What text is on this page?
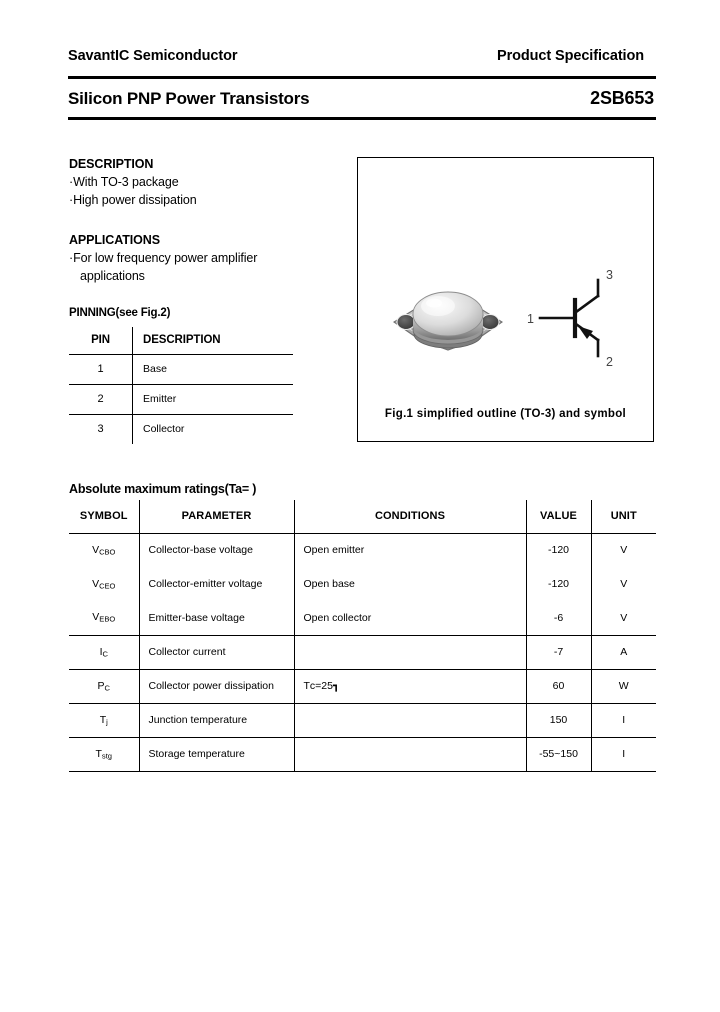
SavantIC Semiconductor	Product Specification
Silicon PNP Power Transistors	2SB653
DESCRIPTION
·With TO-3 package
·High power dissipation
APPLICATIONS
·For low frequency power amplifier
applications
PINNING(see Fig.2)
PIN	DESCRIPTION
1	Base
2	Emitter
3	Collector
3
1
2
Fig.1 simplified outline (TO-3) and symbol
Absolute maximum ratings(Ta= )
SYMBOL	PARAMETER	CONDITIONS	VALUE	UNIT
$V_{CBO}$	Collector-base voltage	Open emitter	-120	V
$V_{CEO}$	Collector-emitter voltage	Open base	-120	V
$V_{EBO}$	Emitter-base voltage	Open collector	-6	V
$I_C$	Collector current		-7	A
$P_C$	Collector power dissipation	Tс=25┓	60	W
$T_j$	Junction temperature		150	I
$T_{stg}$	Storage temperature		-55~150	I
